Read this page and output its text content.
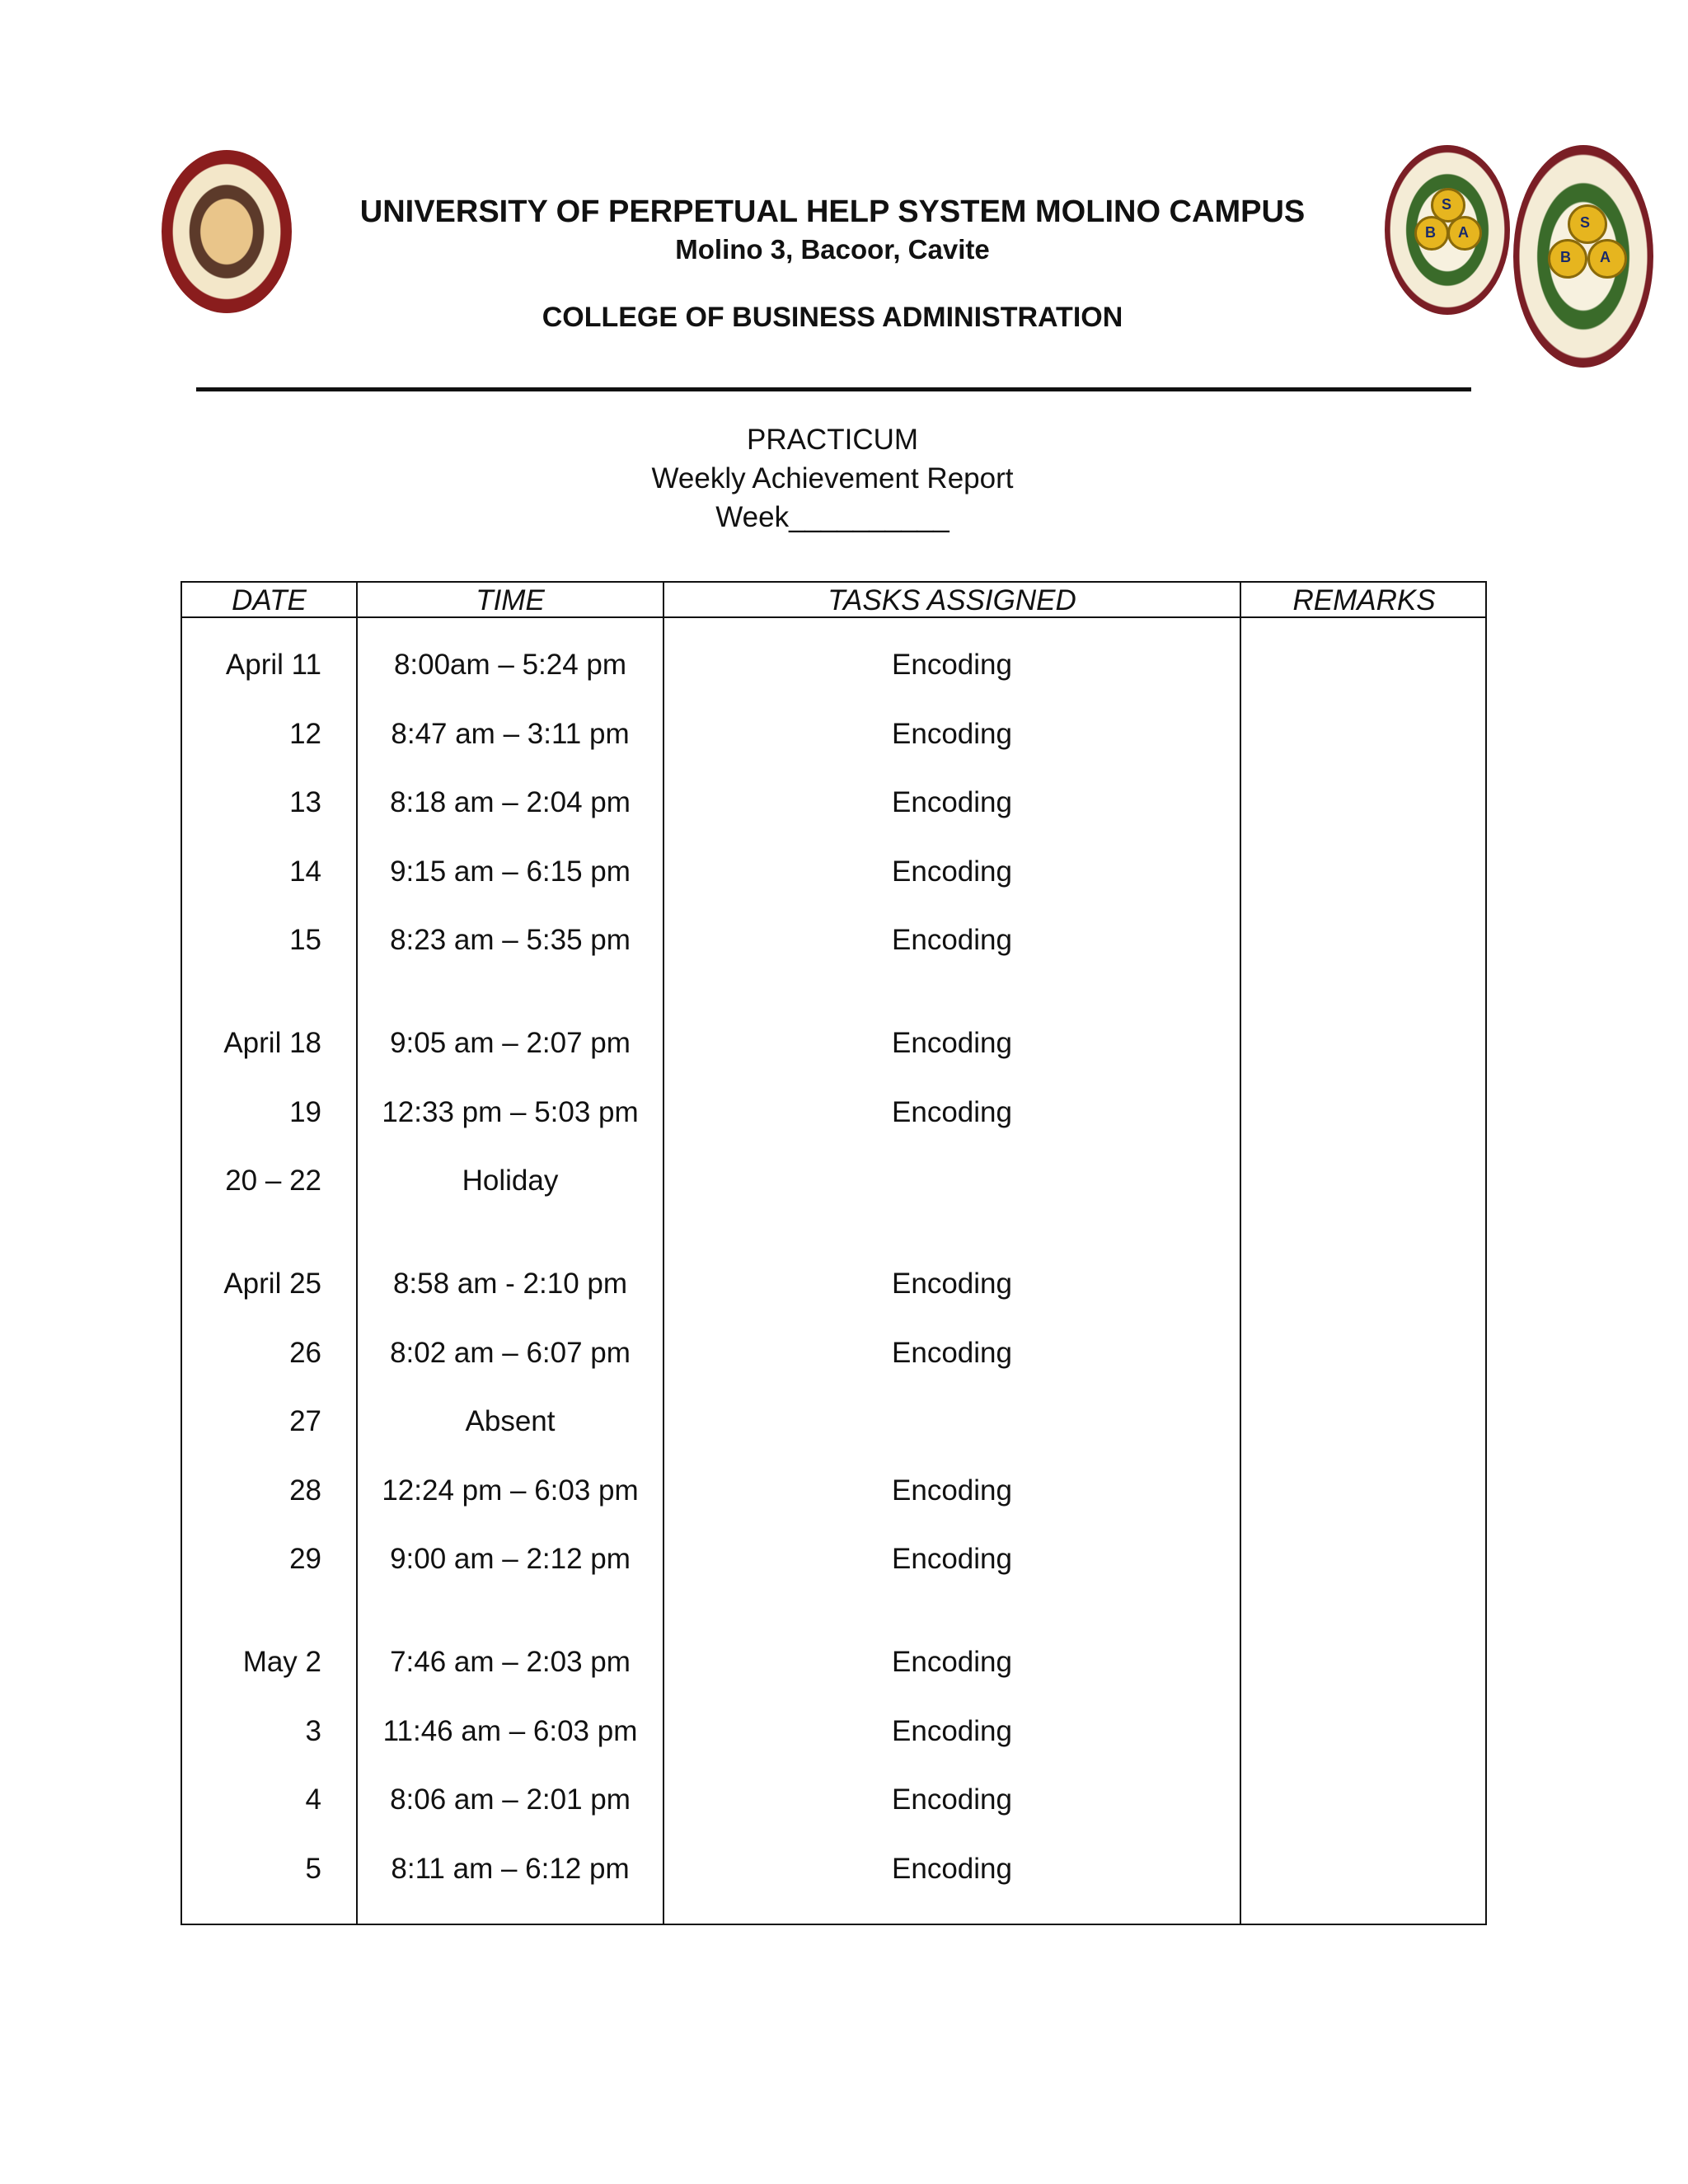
S
B A
S
B A
UNIVERSITY OF PERPETUAL HELP SYSTEM MOLINO CAMPUS
Molino 3, Bacoor, Cavite
COLLEGE OF BUSINESS ADMINISTRATION
PRACTICUM
Weekly Achievement Report
Week__________
DATE	TIME	TASKS ASSIGNED	REMARKS
April 11	8:00am – 5:24 pm	Encoding
12	8:47 am – 3:11 pm	Encoding
13	8:18 am – 2:04 pm	Encoding
14	9:15 am – 6:15 pm	Encoding
15	8:23 am – 5:35 pm	Encoding
April 18	9:05 am – 2:07 pm	Encoding
19	12:33 pm – 5:03 pm	Encoding
20 – 22	Holiday
April 25	8:58 am - 2:10 pm	Encoding
26	8:02 am – 6:07 pm	Encoding
27	Absent
28	12:24 pm – 6:03 pm	Encoding
29	9:00 am – 2:12 pm	Encoding
May 2	7:46 am – 2:03 pm	Encoding
3	11:46 am – 6:03 pm	Encoding
4	8:06 am – 2:01 pm	Encoding
5	8:11 am – 6:12 pm	Encoding
